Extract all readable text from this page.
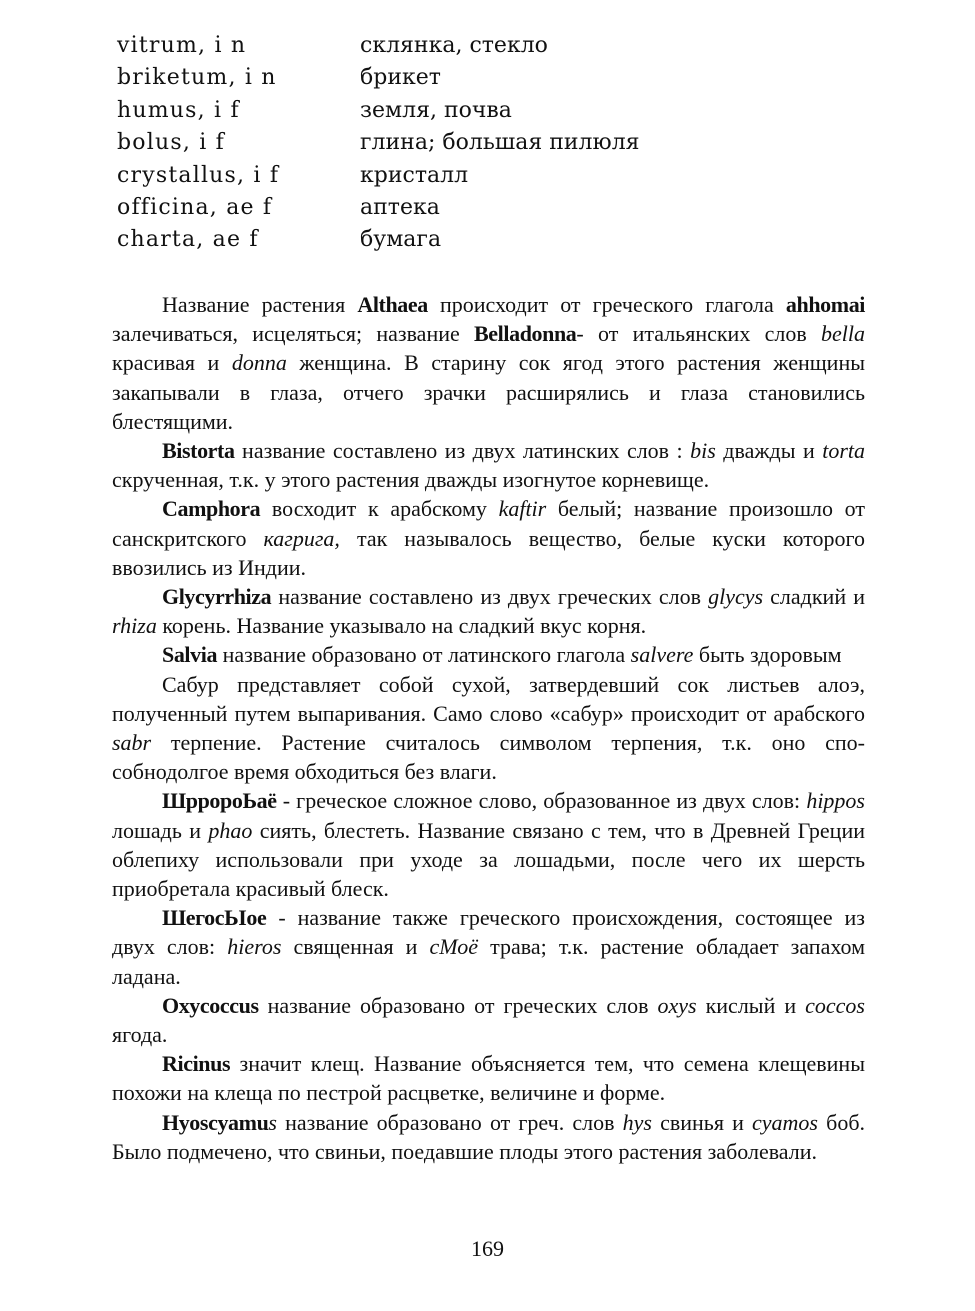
vitrum, i n	склянка, стекло
briketum, i n	брикет
humus, i f	земля, почва
bolus, i f	глина; большая пилюля
crystallus, i f	кристалл
officina, ae f	аптека
charta, ae f	бумага

Название растения Althaea происходит от греческого глагола ahhomai залечиваться, исцеляться; название Belladonna- от итальянских слов bella красивая и donna женщина. В старину сок ягод этого растения женщины закапывали в глаза, отчего зрачки расширялись и глаза становились блестящими.

Bistorta название составлено из двух латинских слов : bis дважды и torta скрученная, т.к. у этого растения дважды изогнутое корневище.

Camphora восходит к арабскому kaftir белый; название произошло от санскритского кагрига, так называлось вещество, белые куски которого ввозились из Индии.

Glycyrrhiza название составлено из двух греческих слов glycys сладкий и rhiza корень. Название указывало на сладкий вкус корня.

Salvia название образовано от латинского глагола salvere быть здоровым

Сабур представляет собой сухой, затвердевший сок листьев алоэ, полученный путем выпаривания. Само слово «сабур» происходит от арабского sabr терпение. Растение считалось символом терпения, т.к. оно спо- собнодолгое время обходиться без влаги.

ШрророЬаё - греческое сложное слово, образованное из двух слов: hippos лошадь и phao сиять, блестеть. Название связано с тем, что в Древней Греции облепиху использовали при уходе за лошадьми, после чего их шерсть приобретала красивый блеск.

ШегосЬІое - название также греческого происхождения, состоящее из двух слов: hieros священная и сМоё трава; т.к. растение обладает запахом ладана.

Oxycoccus название образовано от греческих слов oxys кислый и coccos ягода.

Ricinus значит клещ. Название объясняется тем, что семена клещевины похожи на клеща по пестрой расцветке, величине и форме.

Hyoscyamus название образовано от греч. слов hys свинья и cyamos боб. Было подмечено, что свиньи, поедавшие плоды этого растения заболевали.

169
